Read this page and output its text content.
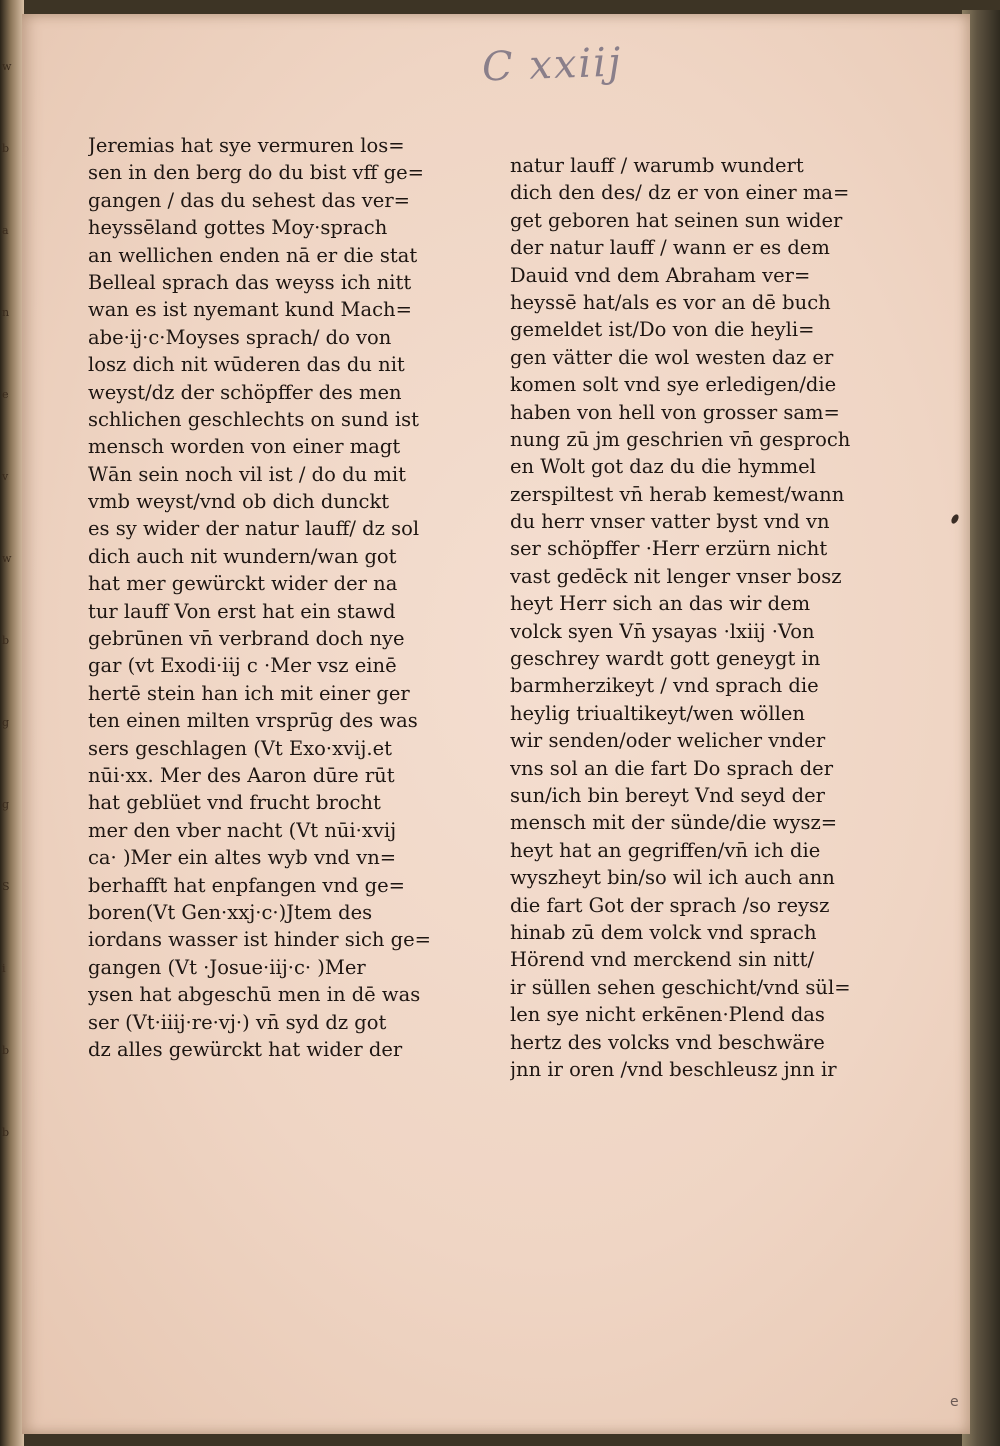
w
b
a
n
e
v
w
b
g
g
S
i
b
b
C xxiij
Jeremias hat sye vermuren los=
sen in den berg do du bist vff ge=
gangen / das du sehest das ver=
heyssēland gottes Moy·sprach
an wellichen enden nā er die stat
Belleal sprach das weyss ich nitt
wan es ist nyemant kund Mach=
abe·ij·c·Moyses sprach/ do von
losz dich nit wūderen das du nit
weyst/dz der schöpffer des men
schlichen geschlechts on sund ist
mensch worden von einer magt
Wān sein noch vil ist / do du mit
vmb weyst/vnd ob dich dunckt
es sy wider der natur lauff/ dz sol
dich auch nit wundern/wan got
hat mer gewürckt wider der na
tur lauff Von erst hat ein stawd
gebrūnen vn̄ verbrand doch nye
gar (vt Exodi·iij c ·Mer vsz einē
hertē stein han ich mit einer ger
ten einen milten vrsprūg des was
sers geschlagen (Vt Exo·xvij.et
nūi·xx. Mer des Aaron dūre rūt
hat geblüet vnd frucht brocht
mer den vber nacht (Vt nūi·xvij
ca· )Mer ein altes wyb vnd vn=
berhafft hat enpfangen vnd ge=
boren(Vt Gen·xxj·c·)Jtem des
iordans wasser ist hinder sich ge=
gangen (Vt ·Josue·iij·c· )Mer
ysen hat abgeschū men in dē was
ser (Vt·iiij·re·vj·) vn̄ syd dz got
dz alles gewürckt hat wider der
natur lauff / warumb wundert
dich den des/ dz er von einer ma=
get geboren hat seinen sun wider
der natur lauff / wann er es dem
Dauid vnd dem Abraham ver=
heyssē hat/als es vor an dē buch
gemeldet ist/Do von die heyli=
gen vätter die wol westen daz er
komen solt vnd sye erledigen/die
haben von hell von grosser sam=
nung zū jm geschrien vn̄ gesproch
en Wolt got daz du die hymmel
zerspiltest vn̄ herab kemest/wann
du herr vnser vatter byst vnd vn
ser schöpffer ·Herr erzürn nicht
vast gedēck nit lenger vnser bosz
heyt Herr sich an das wir dem
volck syen Vn̄ ysayas ·lxiij ·Von
geschrey wardt gott geneygt in
barmherzikeyt / vnd sprach die
heylig triualtikeyt/wen wöllen
wir senden/oder welicher vnder
vns sol an die fart Do sprach der
sun/ich bin bereyt Vnd seyd der
mensch mit der sünde/die wysz=
heyt hat an gegriffen/vn̄ ich die
wyszheyt bin/so wil ich auch ann
die fart Got der sprach /so reysz
hinab zū dem volck vnd sprach
Hörend vnd merckend sin nitt/
ir süllen sehen geschicht/vnd sül=
len sye nicht erkēnen·Plend das
hertz des volcks vnd beschwäre
jnn ir oren /vnd beschleusz jnn ir
e
